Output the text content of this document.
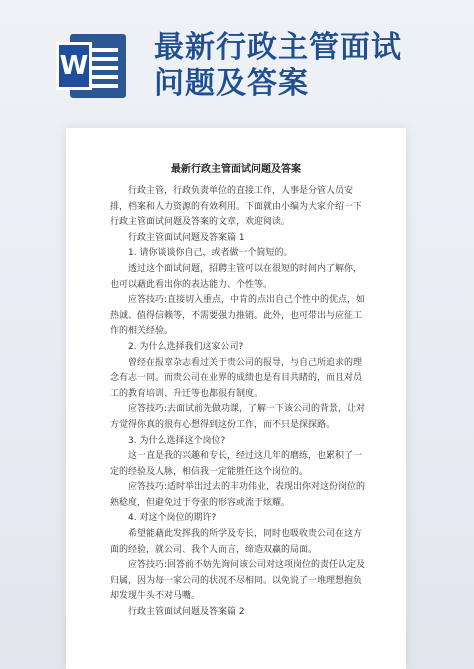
W
最新行政主管面试
问题及答案
最新行政主管面试问题及答案

行政主管，行政负责单位的直接工作，人事是分管人员安排，档案和人力资源的有效利用。下面就由小编为大家介绍一下行政主管面试问题及答案的文章，欢迎阅读。

行政主管面试问题及答案篇 1

1. 请你谈谈你自己，或者做一个简短的。

透过这个面试问题，招聘主管可以在很短的时间内了解你，也可以藉此看出你的表达能力、个性等。

应答技巧:直接切入重点，中肯的点出自己个性中的优点，如热诚、值得信赖等，不需要强力推销。此外，也可带出与应征工作的相关经验。

2. 为什么选择我们这家公司?

曾经在报章杂志看过关于贵公司的报导，与自己所追求的理念有志一同。而贵公司在业界的成绩也是有目共睹的，而且对员工的教育培训、升迁等也都很有制度。

应答技巧:去面试前先做功课，了解一下该公司的背景，让对方觉得你真的很有心想得到这份工作，而不只是探探路。

3. 为什么选择这个岗位?

这一直是我的兴趣和专长，经过这几年的磨练，也累积了一定的经验及人脉，相信我一定能胜任这个岗位的。

应答技巧:适时举出过去的丰功伟业，表现出你对这份岗位的熟稔度，但避免过于夸张的形容或流于炫耀。

4. 对这个岗位的期许?

希望能藉此发挥我的所学及专长，同时也吸收贵公司在这方面的经验，就公司、我个人而言，缔造双赢的局面。

应答技巧:回答前不妨先询问该公司对这项岗位的责任认定及归属，因为每一家公司的状况不尽相同。以免说了一堆理想抱负却发现牛头不对马嘴。

行政主管面试问题及答案篇 2
